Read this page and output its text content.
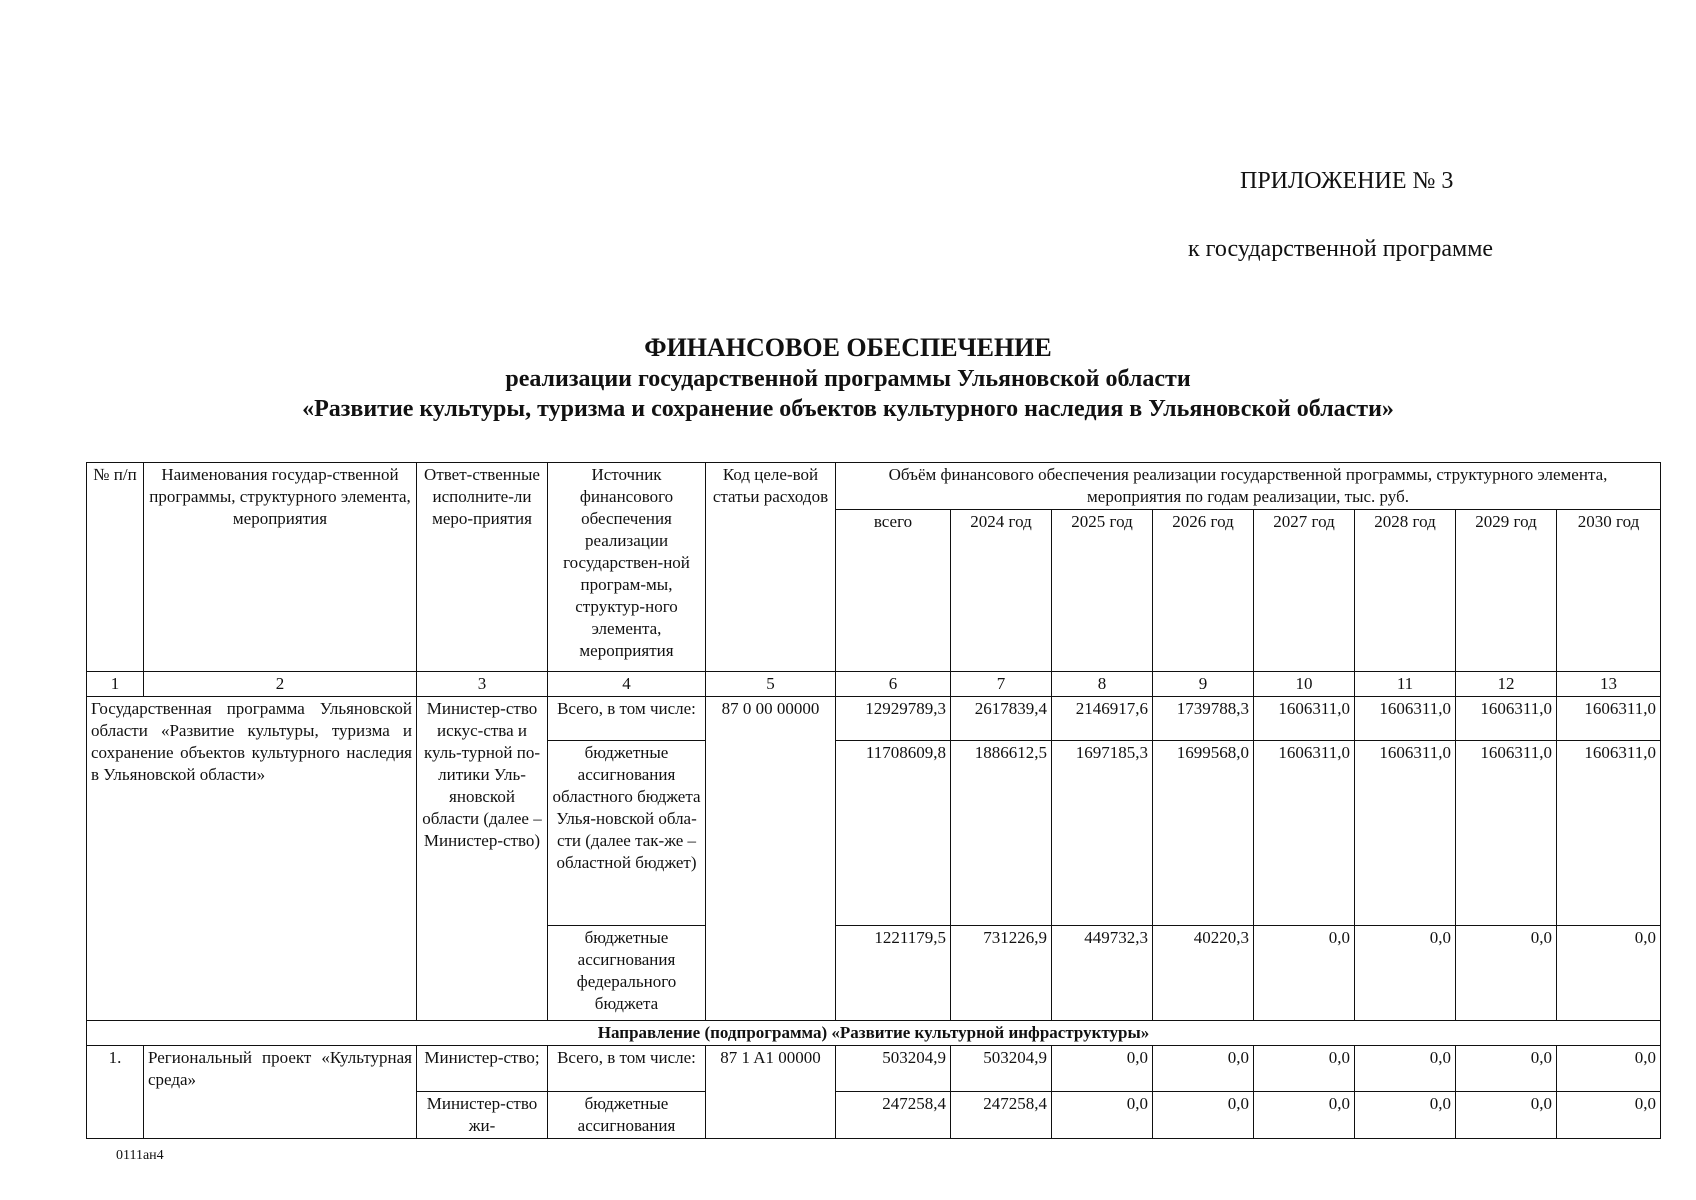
ПРИЛОЖЕНИЕ № 3
к государственной программе
ФИНАНСОВОЕ ОБЕСПЕЧЕНИЕ
реализации государственной программы Ульяновской области
«Развитие культуры, туризма и сохранение объектов культурного наследия в Ульяновской области»
№ п/п	Наименования государ-ственной программы, структурного элемента, мероприятия	Ответ-ственные исполните-ли меро-приятия	Источник финансового обеспечения реализации государствен-ной програм-мы, структур-ного элемента, мероприятия	Код целе-вой статьи расходов	Объём финансового обеспечения реализации государственной программы, структурного элемента, мероприятия по годам реализации, тыс. руб.							
					всего	2024 год	2025 год	2026 год	2027 год	2028 год	2029 год	2030 год
1	2	3	4	5	6	7	8	9	10	11	12	13
Государственная программа Ульяновской области «Развитие культуры, туризма и сохранение объектов культурного наследия в Ульяновской области»		Министер-ство искус-ства и куль-турной по-литики Уль-яновской области (далее – Министер-ство)	Всего, в том числе:	87 0 00 00000	12929789,3	2617839,4	2146917,6	1739788,3	1606311,0	1606311,0	1606311,0	1606311,0
			бюджетные ассигнования областного бюджета Улья-новской обла-сти (далее так-же – областной бюджет)		11708609,8	1886612,5	1697185,3	1699568,0	1606311,0	1606311,0	1606311,0	1606311,0
			бюджетные ассигнования федерального бюджета		1221179,5	731226,9	449732,3	40220,3	0,0	0,0	0,0	0,0
Направление (подпрограмма) «Развитие культурной инфраструктуры»												
1.	Региональный проект «Культурная среда»	Министер-ство;	Всего, в том числе:	87 1 A1 00000	503204,9	503204,9	0,0	0,0	0,0	0,0	0,0	0,0
		Министер-ство жи-	бюджетные ассигнования		247258,4	247258,4	0,0	0,0	0,0	0,0	0,0	0,0
0111ан4
